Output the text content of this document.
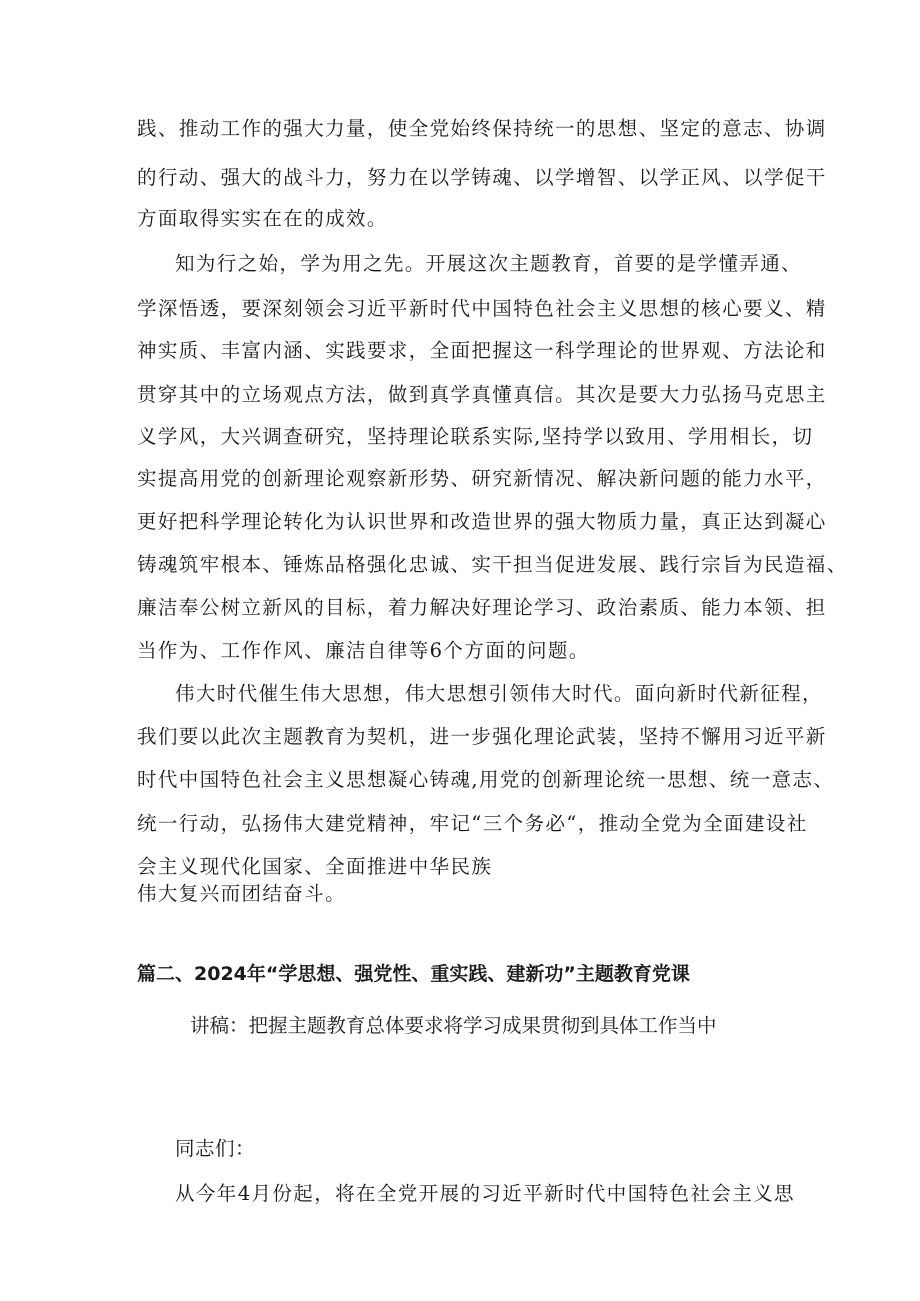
践、推动工作的强大力量，使全党始终保持统一的思想、坚定的意志、协调
的行动、强大的战斗力，努力在以学铸魂、以学增智、以学正风、以学促干
方面取得实实在在的成效。
知为行之始，学为用之先。开展这次主题教育，首要的是学懂弄通、
学深悟透，要深刻领会习近平新时代中国特色社会主义思想的核心要义、精
神实质、丰富内涵、实践要求，全面把握这一科学理论的世界观、方法论和
贯穿其中的立场观点方法，做到真学真懂真信。其次是要大力弘扬马克思主
义学风，大兴调查研究，坚持理论联系实际,坚持学以致用、学用相长，切
实提高用党的创新理论观察新形势、研究新情况、解决新问题的能力水平，
更好把科学理论转化为认识世界和改造世界的强大物质力量，真正达到凝心
铸魂筑牢根本、锤炼品格强化忠诚、实干担当促进发展、践行宗旨为民造福、
廉洁奉公树立新风的目标，着力解决好理论学习、政治素质、能力本领、担
当作为、工作作风、廉洁自律等6个方面的问题。
伟大时代催生伟大思想，伟大思想引领伟大时代。面向新时代新征程，
我们要以此次主题教育为契机，进一步强化理论武装，坚持不懈用习近平新
时代中国特色社会主义思想凝心铸魂,用党的创新理论统一思想、统一意志、
统一行动，弘扬伟大建党精神，牢记“三个务必“，推动全党为全面建设社
会主义现代化国家、全面推进中华民族
伟大复兴而团结奋斗。
篇二、2024年“学思想、强党性、重实践、建新功”主题教育党课
讲稿：把握主题教育总体要求将学习成果贯彻到具体工作当中
同志们：
从今年4月份起，将在全党开展的习近平新时代中国特色社会主义思
